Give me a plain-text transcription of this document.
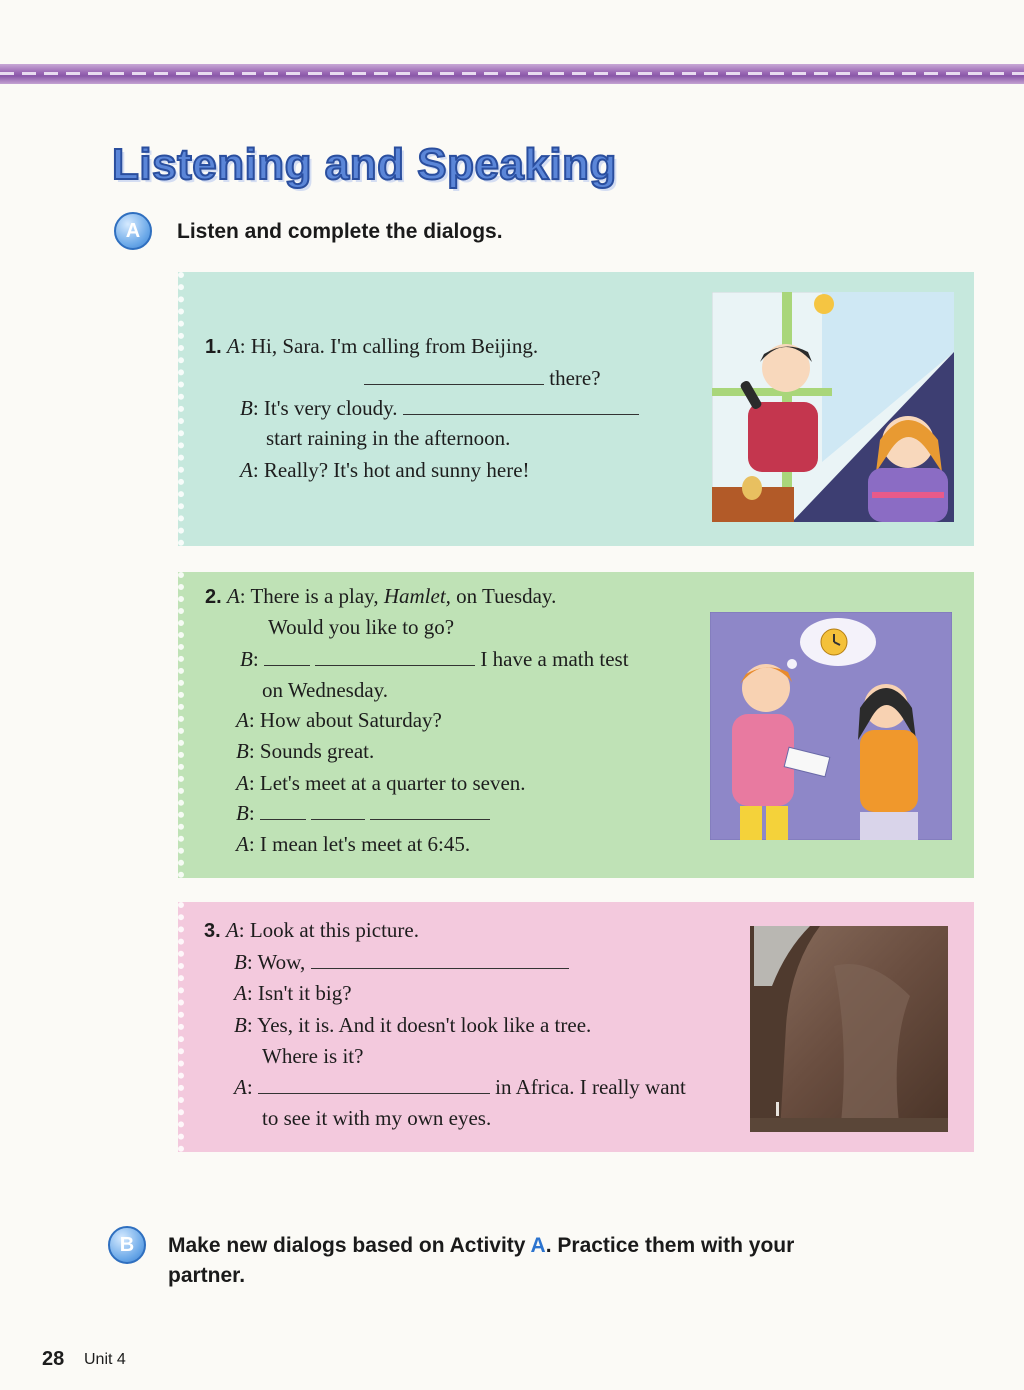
Listening and Speaking
A	Listen and complete the dialogs.
1. A: Hi, Sara. I'm calling from Beijing.
there?
B: It's very cloudy.
start raining in the afternoon.
A: Really? It's hot and sunny here!
2. A: There is a play, Hamlet, on Tuesday.
Would you like to go?
B:	I have a math test
on Wednesday.
A: How about Saturday?
B: Sounds great.
A: Let's meet at a quarter to seven.
B:
A: I mean let's meet at 6:45.
3. A: Look at this picture.
B: Wow,
A: Isn't it big?
B: Yes, it is. And it doesn't look like a tree.
Where is it?
A:	in Africa. I really want
to see it with my own eyes.
B	Make new dialogs based on Activity A. Practice them with your
partner.
28 Unit 4
